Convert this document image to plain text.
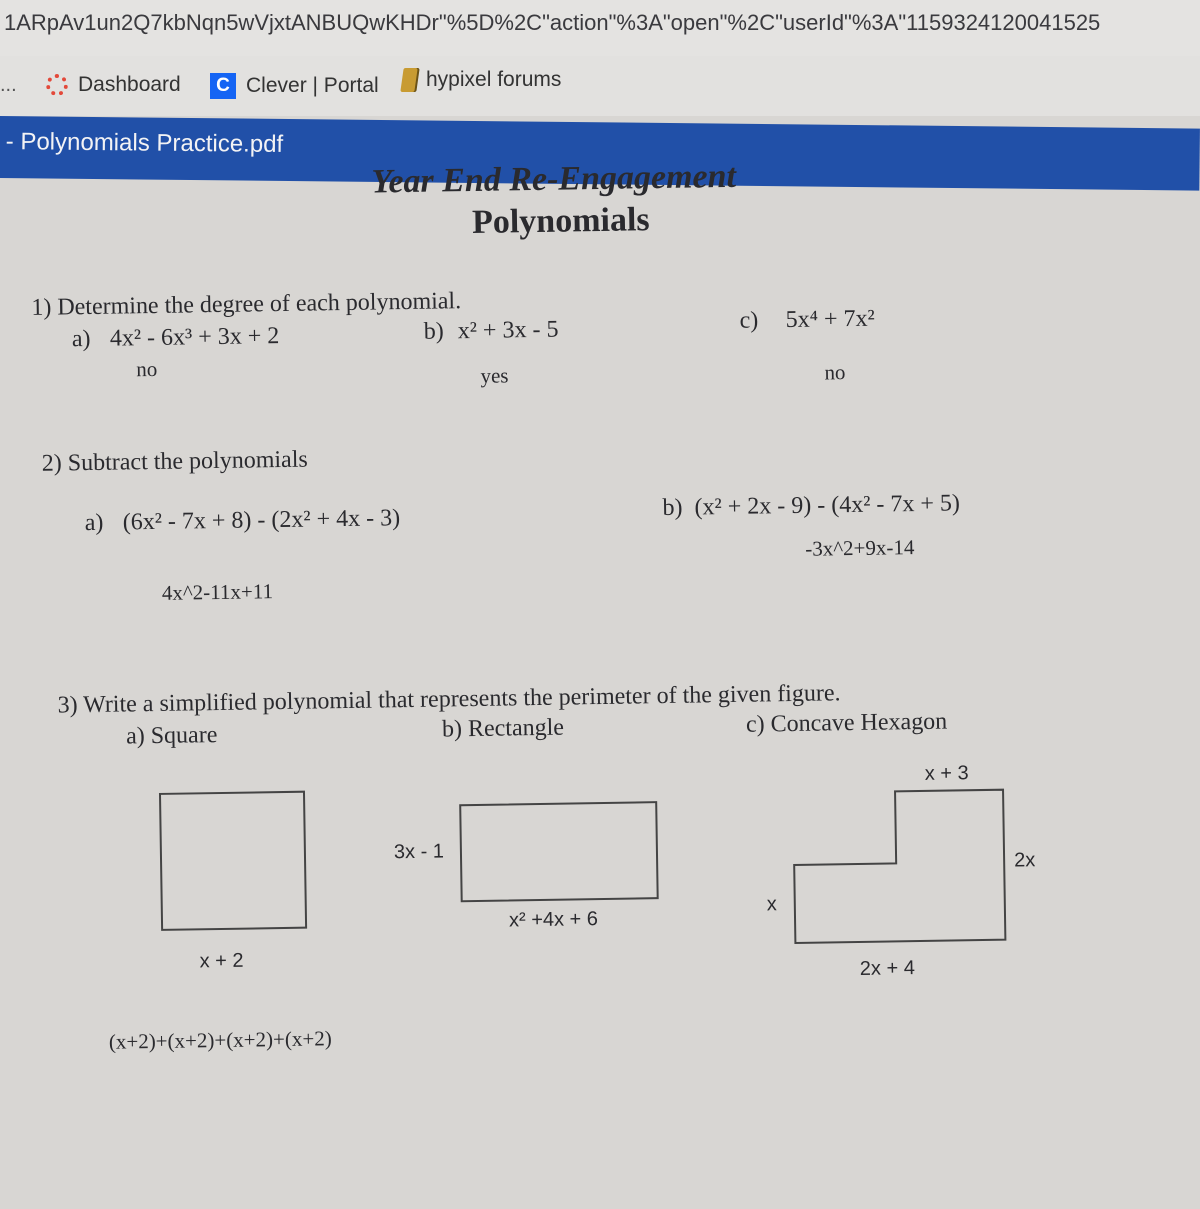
1ARpAv1un2Q7kbNqn5wVjxtANBUQwKHDr"%5D%2C"action"%3A"open"%2C"userId"%3A"1159324120041525
...	Dashboard	C Clever | Portal hypixel forums
- Polynomials Practice.pdf
Year End Re-Engagement
Polynomials
1) Determine the degree of each polynomial.
a) 4x² - 6x³ + 3x + 2
no
b) x² + 3x - 5
yes
c) 5x⁴ + 7x²
no
2) Subtract the polynomials
a) (6x² - 7x + 8) - (2x² + 4x - 3)
4x^2-11x+11
b) (x² + 2x - 9) - (4x² - 7x + 5)
-3x^2+9x-14
3) Write a simplified polynomial that represents the perimeter of the given figure.
a) Square	b) Rectangle	c) Concave Hexagon
x + 2
(x+2)+(x+2)+(x+2)+(x+2)
3x - 1
x² +4x + 6
x + 3
2x
x
2x + 4
